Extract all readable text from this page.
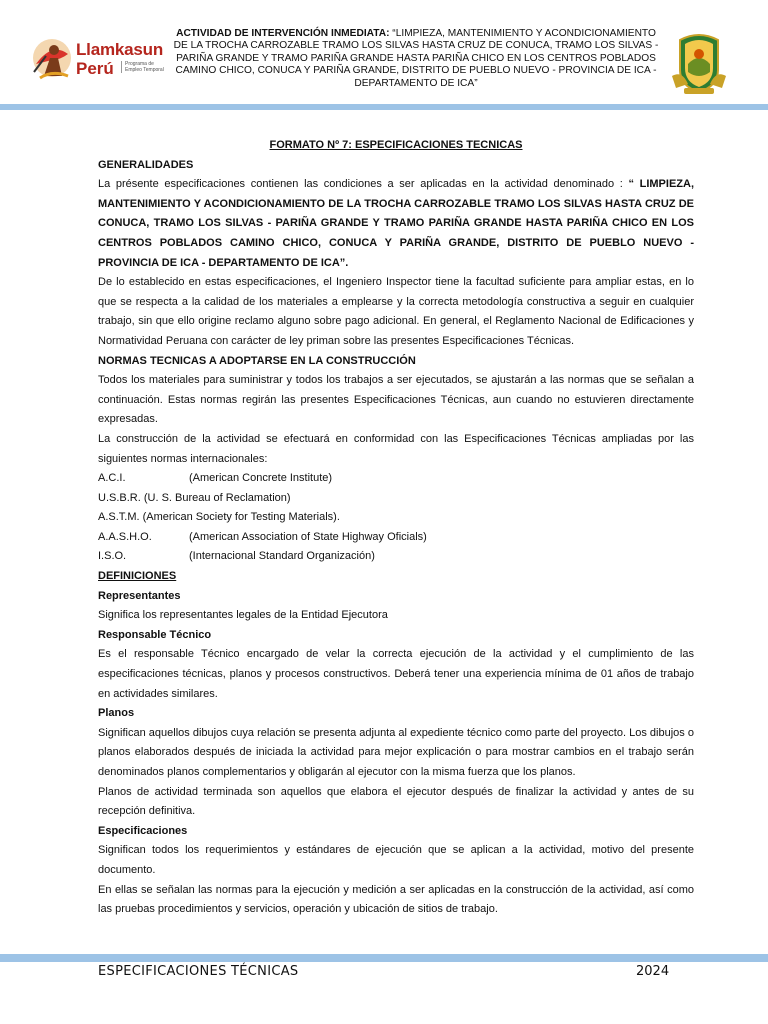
Llamkasun
Perú	Programa de Empleo Temporal
ACTIVIDAD DE INTERVENCIÓN INMEDIATA: “LIMPIEZA, MANTENIMIENTO Y ACONDICIONAMIENTO DE LA TROCHA CARROZABLE TRAMO LOS SILVAS HASTA CRUZ DE CONUCA, TRAMO LOS SILVAS - PARIÑA GRANDE Y TRAMO PARIÑA GRANDE HASTA PARIÑA CHICO EN LOS CENTROS POBLADOS CAMINO CHICO, CONUCA Y PARIÑA GRANDE, DISTRITO DE PUEBLO NUEVO - PROVINCIA DE ICA - DEPARTAMENTO DE ICA”

FORMATO Nº 7: ESPECIFICACIONES TECNICAS

GENERALIDADES

La présente especificaciones contienen las condiciones a ser aplicadas en la actividad denominado : “ LIMPIEZA, MANTENIMIENTO Y ACONDICIONAMIENTO DE LA TROCHA CARROZABLE TRAMO LOS SILVAS HASTA CRUZ DE CONUCA, TRAMO LOS SILVAS - PARIÑA GRANDE Y TRAMO PARIÑA GRANDE HASTA PARIÑA CHICO EN LOS CENTROS POBLADOS CAMINO CHICO, CONUCA Y PARIÑA GRANDE, DISTRITO DE PUEBLO NUEVO - PROVINCIA DE ICA - DEPARTAMENTO DE ICA”.

De lo establecido en estas especificaciones, el Ingeniero Inspector tiene la facultad suficiente para ampliar estas, en lo que se respecta a la calidad de los materiales a emplearse y la correcta metodología constructiva a seguir en cualquier trabajo, sin que ello origine reclamo alguno sobre pago adicional. En general, el Reglamento Nacional de Edificaciones y Normatividad Peruana con carácter de ley priman sobre las presentes Especificaciones Técnicas.

NORMAS TECNICAS A ADOPTARSE EN LA CONSTRUCCIÓN

Todos los materiales para suministrar y todos los trabajos a ser ejecutados, se ajustarán a las normas que se señalan a continuación. Estas normas regirán las presentes Especificaciones Técnicas, aun cuando no estuvieren directamente expresadas.

La construcción de la actividad se efectuará en conformidad con las Especificaciones Técnicas ampliadas por las siguientes normas internacionales:

A.C.I.	(American Concrete Institute)
U.S.B.R. (U. S. Bureau of Reclamation)
A.S.T.M. (American Society for Testing Materials).
A.A.S.H.O.	(American Association of State Highway Oficials)
I.S.O.	(Internacional Standard Organización)

DEFINICIONES

Representantes

Significa los representantes legales de la Entidad Ejecutora

Responsable Técnico

Es el responsable Técnico encargado de velar la correcta ejecución de la actividad y el cumplimiento de las especificaciones técnicas, planos y procesos constructivos. Deberá tener una experiencia mínima de 01 años de trabajo en actividades similares.

Planos

Significan aquellos dibujos cuya relación se presenta adjunta al expediente técnico como parte del proyecto. Los dibujos o planos elaborados después de iniciada la actividad para mejor explicación o para mostrar cambios en el trabajo serán denominados planos complementarios y obligarán al ejecutor con la misma fuerza que los planos.

Planos de actividad terminada son aquellos que elabora el ejecutor después de finalizar la actividad y antes de su recepción definitiva.

Especificaciones

Significan todos los requerimientos y estándares de ejecución que se aplican a la actividad, motivo del presente documento.

En ellas se señalan las normas para la ejecución y medición a ser aplicadas en la construcción de la actividad, así como las pruebas procedimientos y servicios, operación y ubicación de sitios de trabajo.

ESPECIFICACIONES TÉCNICAS	2024
